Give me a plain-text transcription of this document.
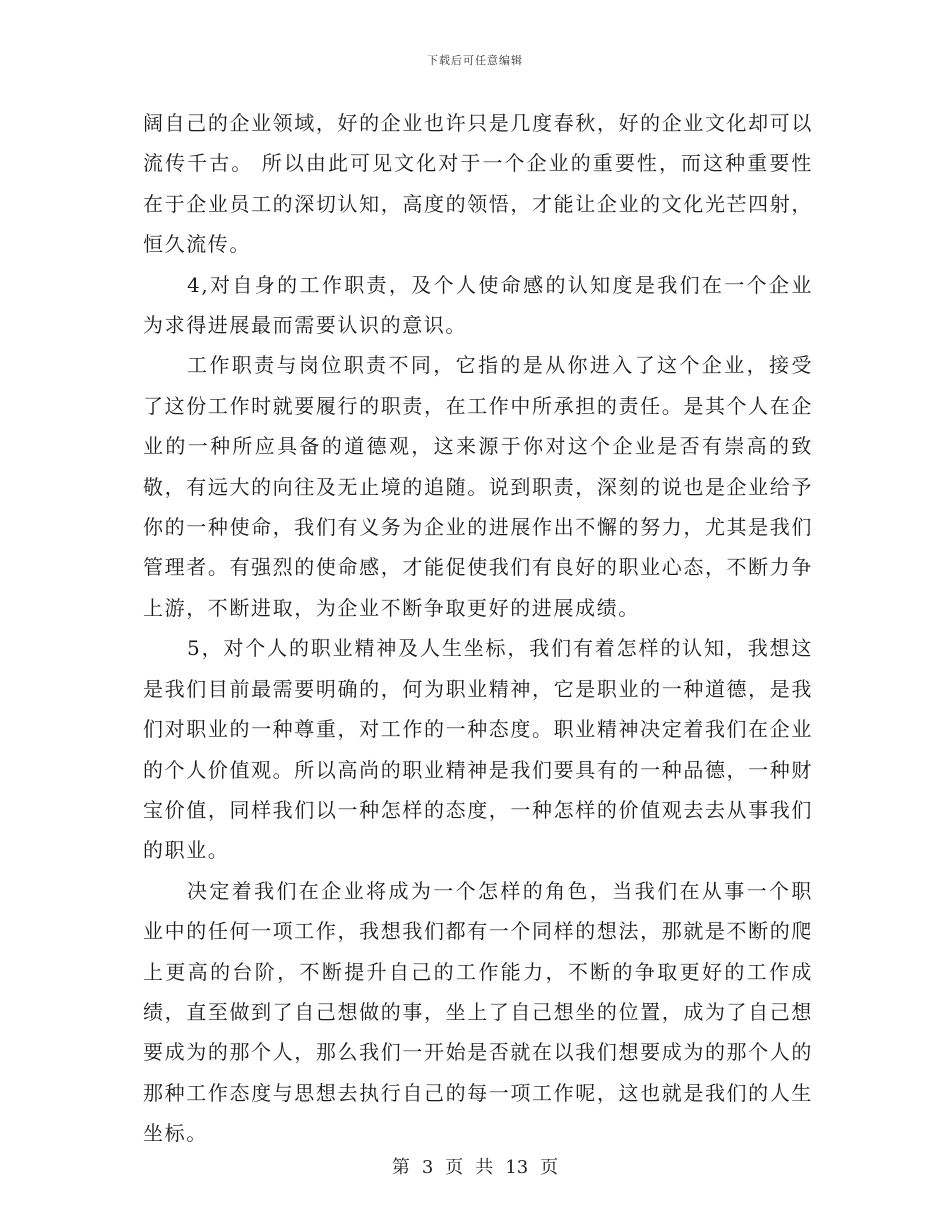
下载后可任意编辑

阔自己的企业领域，好的企业也许只是几度春秋，好的企业文化却可以流传千古。 所以由此可见文化对于一个企业的重要性，而这种重要性在于企业员工的深切认知，高度的领悟，才能让企业的文化光芒四射，恒久流传。

4,对自身的工作职责，及个人使命感的认知度是我们在一个企业为求得进展最而需要认识的意识。

工作职责与岗位职责不同，它指的是从你进入了这个企业，接受了这份工作时就要履行的职责，在工作中所承担的责任。是其个人在企业的一种所应具备的道德观，这来源于你对这个企业是否有崇高的致敬，有远大的向往及无止境的追随。说到职责，深刻的说也是企业给予你的一种使命，我们有义务为企业的进展作出不懈的努力，尤其是我们管理者。有强烈的使命感，才能促使我们有良好的职业心态，不断力争上游，不断进取，为企业不断争取更好的进展成绩。

5，对个人的职业精神及人生坐标，我们有着怎样的认知，我想这是我们目前最需要明确的，何为职业精神，它是职业的一种道德，是我们对职业的一种尊重，对工作的一种态度。职业精神决定着我们在企业的个人价值观。所以高尚的职业精神是我们要具有的一种品德，一种财宝价值，同样我们以一种怎样的态度，一种怎样的价值观去去从事我们的职业。

决定着我们在企业将成为一个怎样的角色，当我们在从事一个职业中的任何一项工作，我想我们都有一个同样的想法，那就是不断的爬上更高的台阶，不断提升自己的工作能力，不断的争取更好的工作成绩，直至做到了自己想做的事，坐上了自己想坐的位置，成为了自己想要成为的那个人，那么我们一开始是否就在以我们想要成为的那个人的那种工作态度与思想去执行自己的每一项工作呢，这也就是我们的人生坐标。

第 3 页 共 13 页
